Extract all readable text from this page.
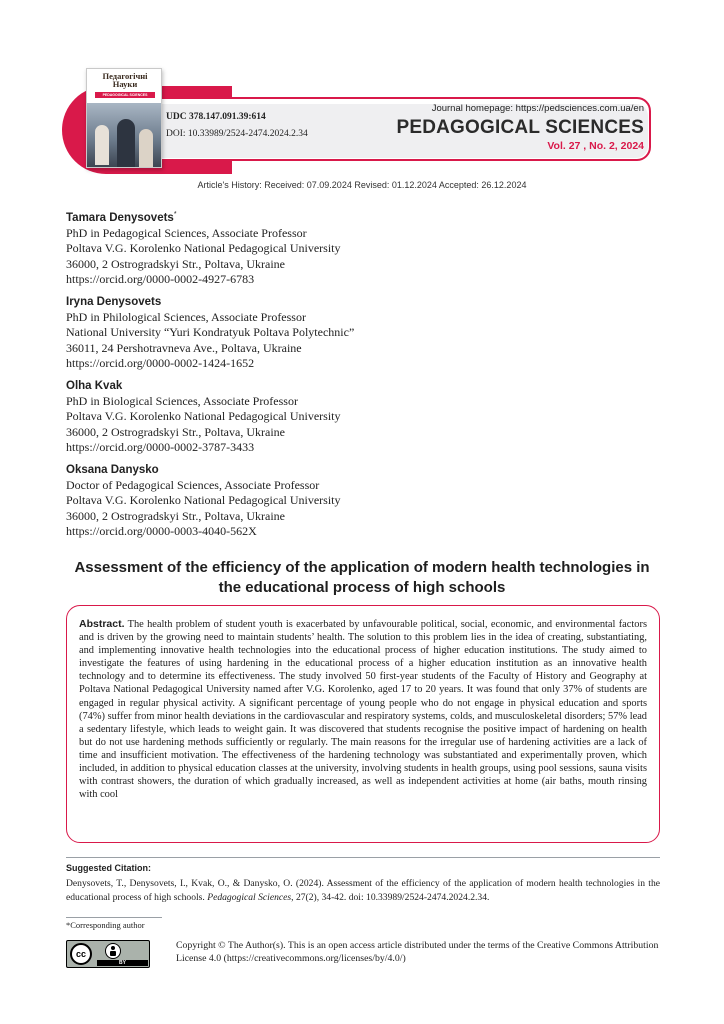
Педагогічні Науки
PEDAGOGICAL SCIENCES
UDC 378.147.091.39:614
DOI: 10.33989/2524-2474.2024.2.34
Journal homepage: https://pedsciences.com.ua/en
PEDAGOGICAL SCIENCES
Vol. 27 , No. 2, 2024
Article's History: Received: 07.09.2024 Revised: 01.12.2024 Accepted: 26.12.2024
Tamara Denysovets*
PhD in Pedagogical Sciences, Associate Professor
Poltava V.G. Korolenko National Pedagogical University
36000, 2 Ostrogradskyi Str., Poltava, Ukraine
https://orcid.org/0000-0002-4927-6783
Iryna Denysovets
PhD in Philological Sciences, Associate Professor
National University “Yuri Kondratyuk Poltava Polytechnic”
36011, 24 Pershotravneva Ave., Poltava, Ukraine
https://orcid.org/0000-0002-1424-1652
Olha Kvak
PhD in Biological Sciences, Associate Professor
Poltava V.G. Korolenko National Pedagogical University
36000, 2 Ostrogradskyi Str., Poltava, Ukraine
https://orcid.org/0000-0002-3787-3433
Oksana Danysko
Doctor of Pedagogical Sciences, Associate Professor
Poltava V.G. Korolenko National Pedagogical University
36000, 2 Ostrogradskyi Str., Poltava, Ukraine
https://orcid.org/0000-0003-4040-562X
Assessment of the efficiency of the application of modern health technologies in the educational process of high schools
Abstract. The health problem of student youth is exacerbated by unfavourable political, social, economic, and environmental factors and is driven by the growing need to maintain students’ health. The solution to this problem lies in the idea of creating, substantiating, and implementing innovative health technologies into the educational process of higher education institutions. The study aimed to investigate the features of using hardening in the educational process of a higher education institution as an innovative health technology and to determine its effectiveness. The study involved 50 first-year students of the Faculty of History and Geography at Poltava National Pedagogical University named after V.G. Korolenko, aged 17 to 20 years. It was found that only 37% of students are engaged in regular physical activity. A significant percentage of young people who do not engage in physical education and sports (74%) suffer from minor health deviations in the cardiovascular and respiratory systems, colds, and musculoskeletal disorders; 57% lead a sedentary lifestyle, which leads to weight gain. It was discovered that students recognise the positive impact of hardening on health but do not use hardening methods sufficiently or regularly. The main reasons for the irregular use of hardening activities are a lack of time and insufficient motivation. The effectiveness of the hardening technology was substantiated and experimentally proven, which included, in addition to physical education classes at the university, involving students in health groups, using pool sessions, sauna visits with contrast showers, the duration of which gradually increased, as well as independent activities at home (air baths, mouth rinsing with cool
Suggested Citation:
Denysovets, T., Denysovets, I., Kvak, O., & Danysko, O. (2024). Assessment of the efficiency of the application of modern health technologies in the educational process of high schools. Pedagogical Sciences, 27(2), 34-42. doi: 10.33989/2524-2474.2024.2.34.
*Corresponding author
cc
BY
Copyright © The Author(s). This is an open access article distributed under the terms of the Creative Commons Attribution License 4.0 (https://creativecommons.org/licenses/by/4.0/)
